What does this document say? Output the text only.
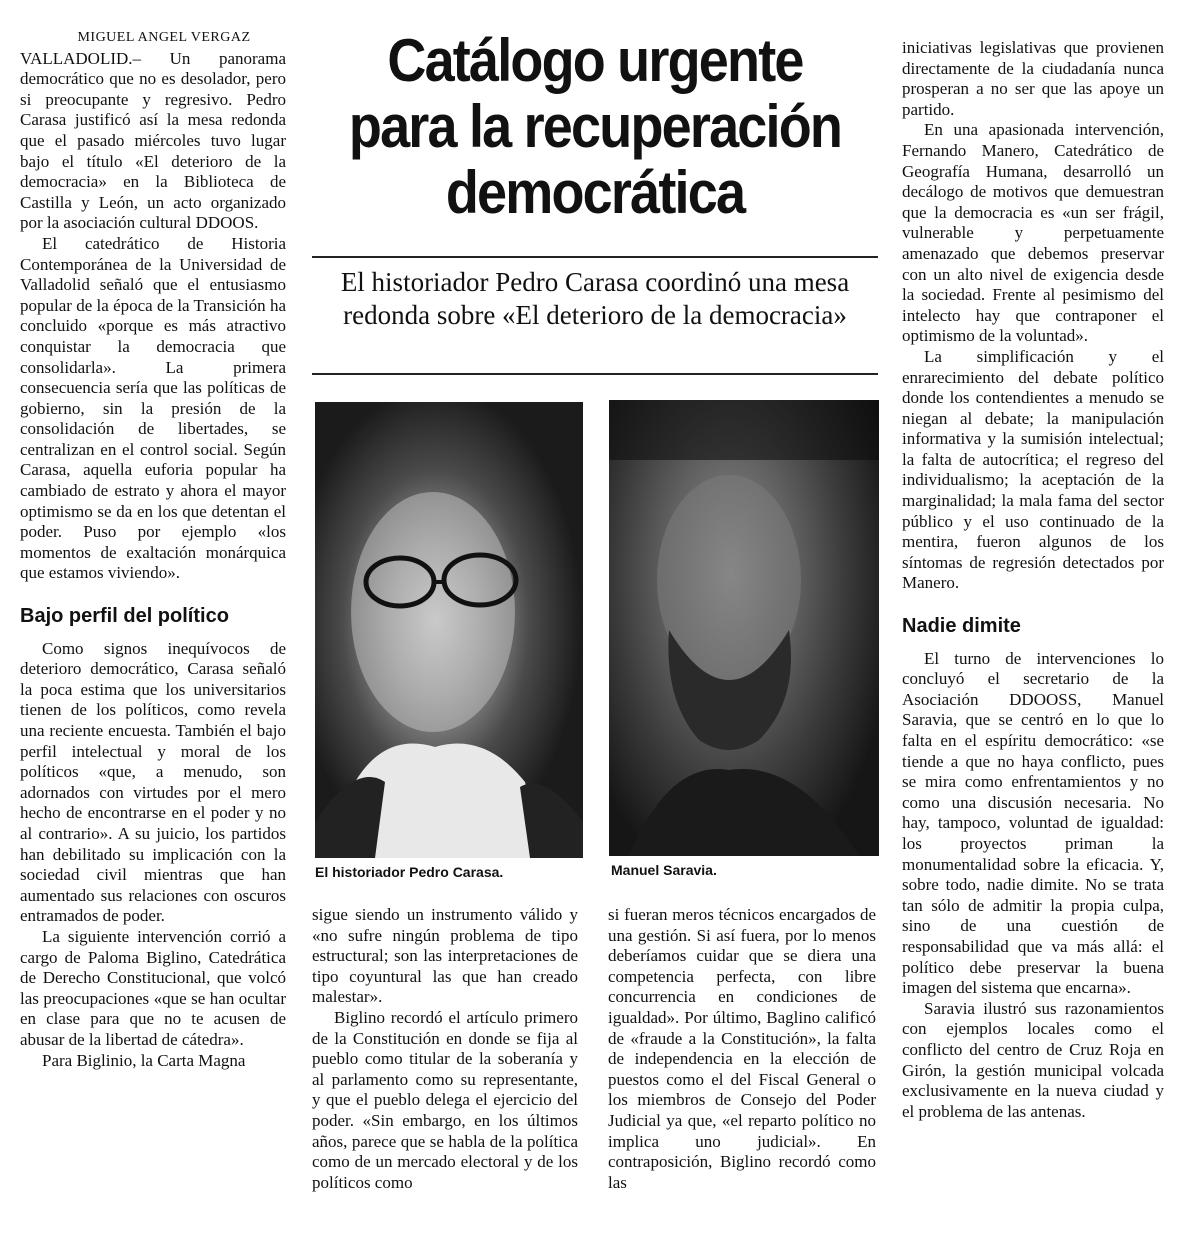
Catálogo urgente para la recuperación democrática

El historiador Pedro Carasa coordinó una mesa redonda sobre «El deterioro de la democracia»

MIGUEL ANGEL VERGAZ

VALLADOLID.– Un panorama democrático que no es desolador, pero si preocupante y regresivo. Pedro Carasa justificó así la mesa redonda que el pasado miércoles tuvo lugar bajo el título «El deterioro de la democracia» en la Biblioteca de Castilla y León, un acto organizado por la asociación cultural DDOOS.

El catedrático de Historia Contemporánea de la Universidad de Valladolid señaló que el entusiasmo popular de la época de la Transición ha concluido «porque es más atractivo conquistar la democracia que consolidarla». La primera consecuencia sería que las políticas de gobierno, sin la presión de la consolidación de libertades, se centralizan en el control social. Según Carasa, aquella euforia popular ha cambiado de estrato y ahora el mayor optimismo se da en los que detentan el poder. Puso por ejemplo «los momentos de exaltación monárquica que estamos viviendo».

Bajo perfil del político

Como signos inequívocos de deterioro democrático, Carasa señaló la poca estima que los universitarios tienen de los políticos, como revela una reciente encuesta. También el bajo perfil intelectual y moral de los políticos «que, a menudo, son adornados con virtudes por el mero hecho de encontrarse en el poder y no al contrario». A su juicio, los partidos han debilitado su implicación con la sociedad civil mientras que han aumentado sus relaciones con oscuros entramados de poder.

La siguiente intervención corrió a cargo de Paloma Biglino, Catedrática de Derecho Constitucional, que volcó las preocupaciones «que se han ocultar en clase para que no te acusen de abusar de la libertad de cátedra».

Para Biglinio, la Carta Magna

El historiador Pedro Carasa.	Manuel Saravia.

sigue siendo un instrumento válido y «no sufre ningún problema de tipo estructural; son las interpretaciones de tipo coyuntural las que han creado malestar».

Biglino recordó el artículo primero de la Constitución en donde se fija al pueblo como titular de la soberanía y al parlamento como su representante, y que el pueblo delega el ejercicio del poder. «Sin embargo, en los últimos años, parece que se habla de la política como de un mercado electoral y de los políticos como

si fueran meros técnicos encargados de una gestión. Si así fuera, por lo menos deberíamos cuidar que se diera una competencia perfecta, con libre concurrencia en condiciones de igualdad». Por último, Baglino calificó de «fraude a la Constitución», la falta de independencia en la elección de puestos como el del Fiscal General o los miembros de Consejo del Poder Judicial ya que, «el reparto político no implica uno judicial». En contraposición, Biglino recordó como las

iniciativas legislativas que provienen directamente de la ciudadanía nunca prosperan a no ser que las apoye un partido.

En una apasionada intervención, Fernando Manero, Catedrático de Geografía Humana, desarrolló un decálogo de motivos que demuestran que la democracia es «un ser frágil, vulnerable y perpetuamente amenazado que debemos preservar con un alto nivel de exigencia desde la sociedad. Frente al pesimismo del intelecto hay que contraponer el optimismo de la voluntad».

La simplificación y el enrarecimiento del debate político donde los contendientes a menudo se niegan al debate; la manipulación informativa y la sumisión intelectual; la falta de autocrítica; el regreso del individualismo; la aceptación de la marginalidad; la mala fama del sector público y el uso continuado de la mentira, fueron algunos de los síntomas de regresión detectados por Manero.

Nadie dimite

El turno de intervenciones lo concluyó el secretario de la Asociación DDOOSS, Manuel Saravia, que se centró en lo que lo falta en el espíritu democrático: «se tiende a que no haya conflicto, pues se mira como enfrentamientos y no como una discusión necesaria. No hay, tampoco, voluntad de igualdad: los proyectos priman la monumentalidad sobre la eficacia. Y, sobre todo, nadie dimite. No se trata tan sólo de admitir la propia culpa, sino de una cuestión de responsabilidad que va más allá: el político debe preservar la buena imagen del sistema que encarna».

Saravia ilustró sus razonamientos con ejemplos locales como el conflicto del centro de Cruz Roja en Girón, la gestión municipal volcada exclusivamente en la nueva ciudad y el problema de las antenas.
